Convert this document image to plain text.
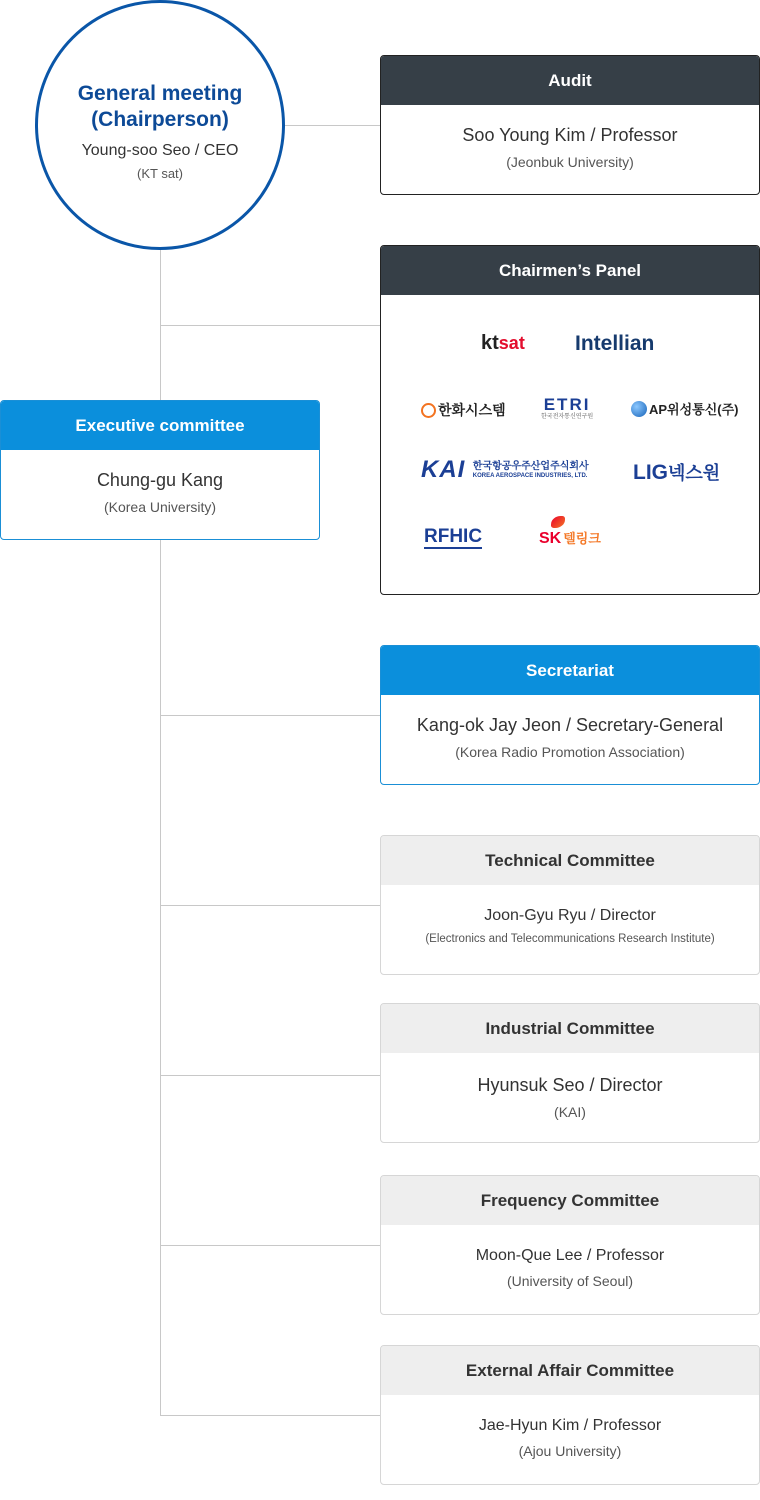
General meeting
(Chairperson)
Young-soo Seo / CEO
(KT sat)
Audit
Soo Young Kim / Professor
(Jeonbuk University)
Chairmen’s Panel
ktsat Intellian
한화시스템 ETRI
한국전자통신연구원	AP위성통신(주)
KAI 한국항공우주산업주식회사
KOREA AEROSPACE INDUSTRIES, LTD. LIG넥스원
RFHIC	SK 텔링크
Executive committee
Chung-gu Kang
(Korea University)
Secretariat
Kang-ok Jay Jeon / Secretary-General
(Korea Radio Promotion Association)
Technical Committee
Joon-Gyu Ryu / Director
(Electronics and Telecommunications Research Institute)
Industrial Committee
Hyunsuk Seo / Director
(KAI)
Frequency Committee
Moon-Que Lee / Professor
(University of Seoul)
External Affair Committee
Jae-Hyun Kim / Professor
(Ajou University)
